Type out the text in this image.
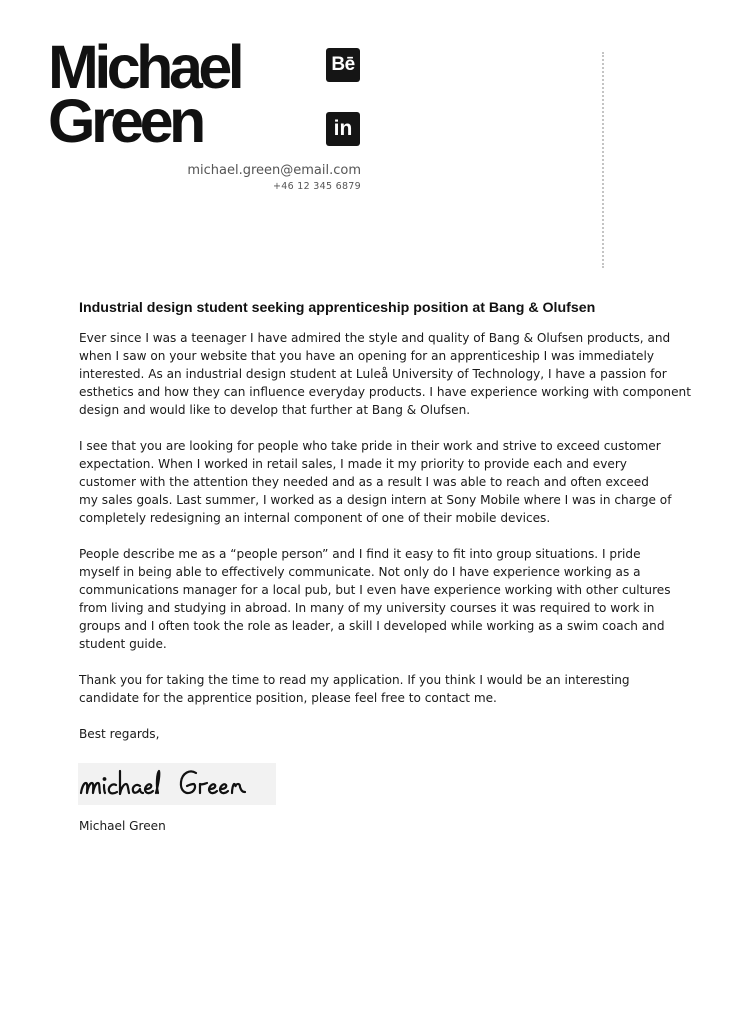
Michael
Green
Bē
in
michael.green@email.com
+46 12 345 6879
Industrial design student seeking apprenticeship position at Bang & Olufsen
Ever since I was a teenager I have admired the style and quality of Bang & Olufsen products, and
when I saw on your website that you have an opening for an apprenticeship I was immediately
interested. As an industrial design student at Luleå University of Technology, I have a passion for
esthetics and how they can influence everyday products. I have experience working with component
design and would like to develop that further at Bang & Olufsen.
I see that you are looking for people who take pride in their work and strive to exceed customer
expectation. When I worked in retail sales, I made it my priority to provide each and every
customer with the attention they needed and as a result I was able to reach and often exceed
my sales goals. Last summer, I worked as a design intern at Sony Mobile where I was in charge of
completely redesigning an internal component of one of their mobile devices.
People describe me as a “people person” and I find it easy to fit into group situations. I pride
myself in being able to effectively communicate. Not only do I have experience working as a
communications manager for a local pub, but I even have experience working with other cultures
from living and studying in abroad. In many of my university courses it was required to work in
groups and I often took the role as leader, a skill I developed while working as a swim coach and
student guide.
Thank you for taking the time to read my application. If you think I would be an interesting
candidate for the apprentice position, please feel free to contact me.
Best regards,
Michael Green
